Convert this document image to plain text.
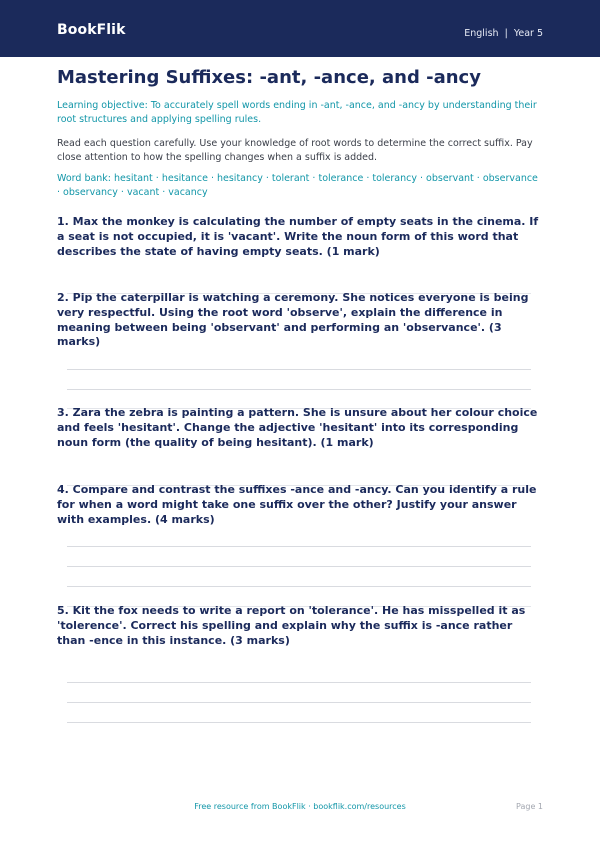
BookFlik	English  |  Year 5
Mastering Suffixes: -ant, -ance, and -ancy
Learning objective: To accurately spell words ending in -ant, -ance, and -ancy by understanding their root structures and applying spelling rules.
Read each question carefully. Use your knowledge of root words to determine the correct suffix. Pay close attention to how the spelling changes when a suffix is added.
Word bank: hesitant · hesitance · hesitancy · tolerant · tolerance · tolerancy · observant · observance · observancy · vacant · vacancy
1. Max the monkey is calculating the number of empty seats in the cinema. If a seat is not occupied, it is 'vacant'. Write the noun form of this word that describes the state of having empty seats. (1 mark)
2. Pip the caterpillar is watching a ceremony. She notices everyone is being very respectful. Using the root word 'observe', explain the difference in meaning between being 'observant' and performing an 'observance'. (3 marks)
3. Zara the zebra is painting a pattern. She is unsure about her colour choice and feels 'hesitant'. Change the adjective 'hesitant' into its corresponding noun form (the quality of being hesitant). (1 mark)
4. Compare and contrast the suffixes -ance and -ancy. Can you identify a rule for when a word might take one suffix over the other? Justify your answer with examples. (4 marks)
5. Kit the fox needs to write a report on 'tolerance'. He has misspelled it as 'tolerence'. Correct his spelling and explain why the suffix is -ance rather than -ence in this instance. (3 marks)
Free resource from BookFlik · bookflik.com/resources	Page 1
